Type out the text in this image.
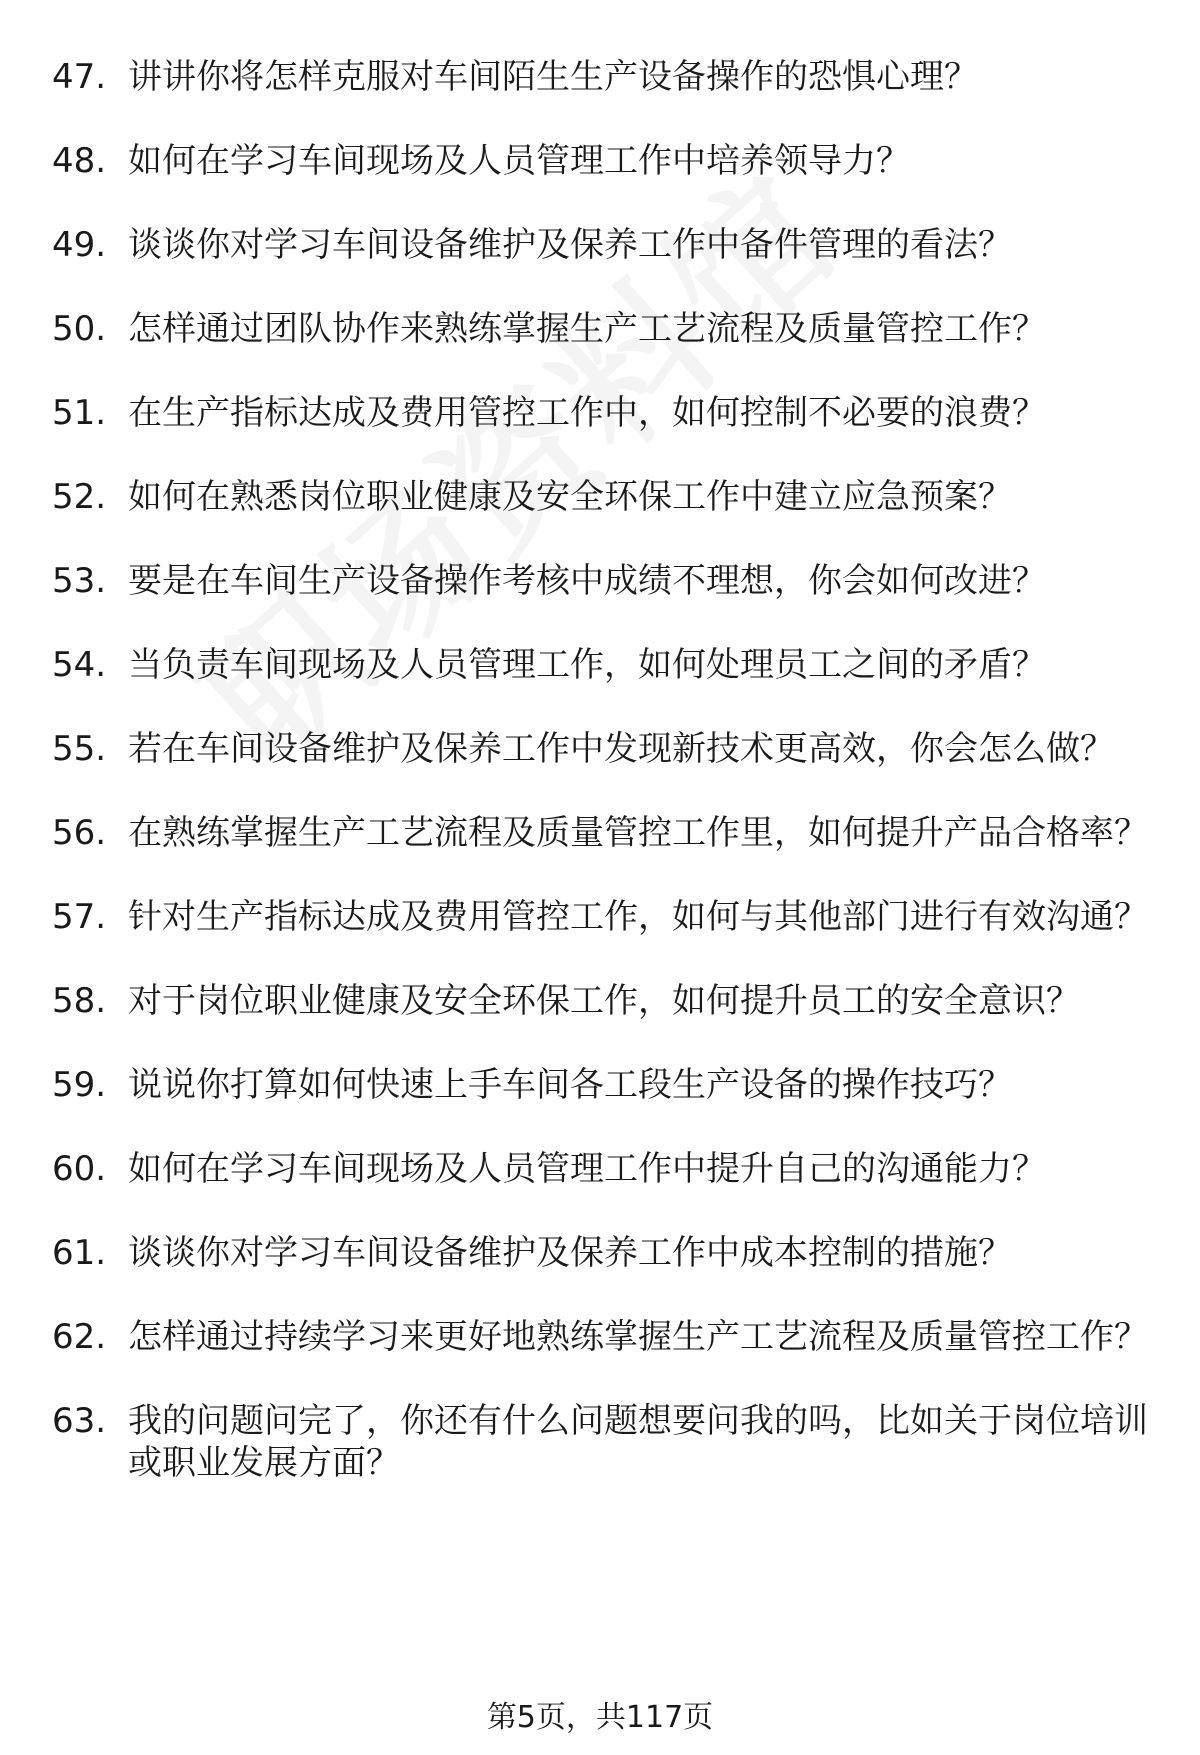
47. 讲讲你将怎样克服对车间陌生生产设备操作的恐惧心理？
48. 如何在学习车间现场及人员管理工作中培养领导力？
49. 谈谈你对学习车间设备维护及保养工作中备件管理的看法？
50. 怎样通过团队协作来熟练掌握生产工艺流程及质量管控工作？
51. 在生产指标达成及费用管控工作中，如何控制不必要的浪费？
52. 如何在熟悉岗位职业健康及安全环保工作中建立应急预案？
53. 要是在车间生产设备操作考核中成绩不理想，你会如何改进？
54. 当负责车间现场及人员管理工作，如何处理员工之间的矛盾？
55. 若在车间设备维护及保养工作中发现新技术更高效，你会怎么做？
56. 在熟练掌握生产工艺流程及质量管控工作里，如何提升产品合格率？
57. 针对生产指标达成及费用管控工作，如何与其他部门进行有效沟通？
58. 对于岗位职业健康及安全环保工作，如何提升员工的安全意识？
59. 说说你打算如何快速上手车间各工段生产设备的操作技巧？
60. 如何在学习车间现场及人员管理工作中提升自己的沟通能力？
61. 谈谈你对学习车间设备维护及保养工作中成本控制的措施？
62. 怎样通过持续学习来更好地熟练掌握生产工艺流程及质量管控工作？
63. 我的问题问完了，你还有什么问题想要问我的吗，比如关于岗位培训或职业发展方面？
第5页，共117页
